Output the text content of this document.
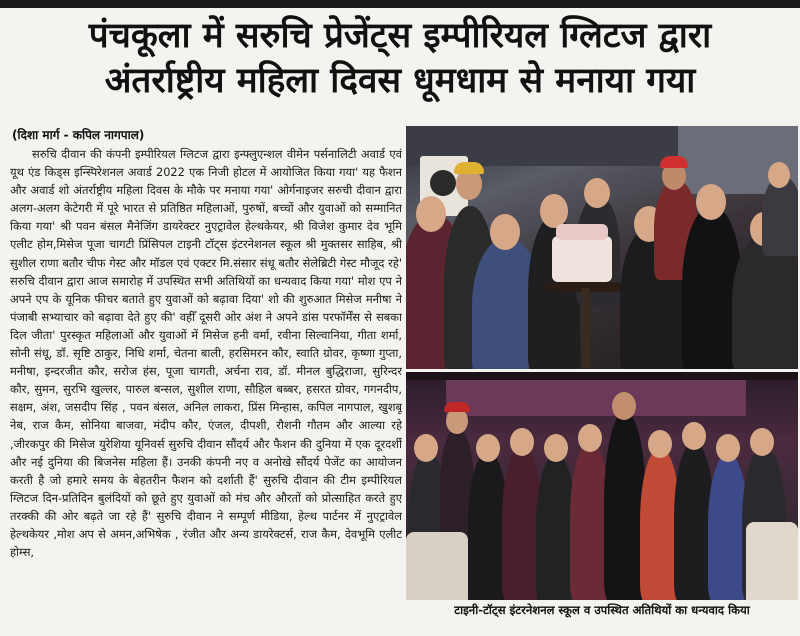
पंचकूला में सरुचि प्रेजेंट्स इम्पीरियल ग्लिटज द्वारा
अंतर्राष्ट्रीय महिला दिवस धूमधाम से मनाया गया
(दिशा मार्ग - कपिल नागपाल)

सरुचि दीवान की कंपनी इम्पीरियल ग्लिटज द्वारा इन्फ्लुएन्शल वीमेन पर्सनालिटी अवार्ड एवं यूथ एंड किड्स इन्स्पिरेशनल अवार्ड 2022 एक निजी होटल में आयोजित किया गया' यह फैशन और अवार्ड शो अंतर्राष्ट्रीय महिला दिवस के मौके पर मनाया गया' ओर्गनाइजर सरुची दीवान द्वारा अलग-अलग केटेगरी में पूरे भारत से प्रतिष्ठित महिलाओं, पुरुषों, बच्चों और युवाओं को सम्मानित किया गया' श्री पवन बंसल मैनेजिंग डायरेक्टर नुएट्रावेल हेल्थकेयर, श्री विजेश कुमार देव भूमि एलीट होम,मिसेज पूजा चागटी प्रिंसिपल टाइनी टॉट्स इंटरनेशनल स्कूल श्री मुक्तसर साहिब, श्री सुशील राणा बतौर चीफ गेस्ट और मॉडल एवं एक्टर मि.संसार संधू बतौर सेलेब्रिटी गेस्ट मौजूद रहे' सरुचि दीवान द्वारा आज समारोह में उपस्थित सभी अतिथियों का धन्यवाद किया गया' मोश एप ने अपने एप के यूनिक फीचर बताते हुए युवाओं को बढ़ावा दिया' शो की शुरुआत मिसेज मनीषा ने पंजाबी सभ्याचार को बढ़ावा देते हुए की' वहीँ दूसरी ओर अंश ने अपने डांस परफॉर्मेंस से सबका दिल जीता' पुरस्कृत महिलाओं और युवाओं में मिसेज हनी वर्मा, रवीना सिल्वानिया, गीता शर्मा, सोनी संधू, डॉ. सृष्टि ठाकुर, निधि शर्मा, चेतना बाली, हरसिमरन कौर, स्वाति ग्रोवर, कृष्णा गुप्ता, मनीषा, इन्दरजीत कौर, सरोज हंस, पूजा चागती, अर्चना राव, डॉ. मीनल बुद्धिराजा, सुरिन्दर कौर, सुमन, सुरभि खुल्लर, पारुल बन्सल, सुशील राणा, सौहिल बब्बर, हसरत ग्रोवर, गगनदीप, सक्षम, अंश, जसदीप सिंह , पवन बंसल, अनिल लाकरा, प्रिंस मिन्हास, कपिल नागपाल, खुशबू नेब, राज कैम, सोनिया बाजवा, मंदीप कौर, एंजल, दीपशी, रौशनी गौतम और आल्या रहे ,जीरकपुर की मिसेज युरेशिया यूनिवर्स सुरुचि दीवान सौंदर्य और फैशन की दुनिया में एक दूरदर्शी और नई दुनिया की बिजनेस महिला हैं। उनकी कंपनी नए व अनोखे सौंदर्य पेजेंट का आयोजन करती है जो हमारे समय के बेहतरीन फैशन को दर्शाती हैं' सुरुचि दीवान की टीम इम्पीरियल ग्लिटज दिन-प्रतिदिन बुलंदियों को छूते हुए युवाओं को मंच और औरतों को प्रोत्साहित करते हुए तरक्की की ओर बढ़ते जा रहे हैं' सुरुचि दीवान ने सम्पूर्ण मीडिया, हेल्थ पार्टनर में नुएट्रावेल हेल्थकेयर ,मोश अप से अमन,अभिषेक , रंजीत और अन्य डायरेक्टर्स, राज कैम, देवभूमि एलीट होम्स,

टाइनी-टॉट्स इंटरनेशनल स्कूल व उपस्थित अतिथियों का धन्यवाद किया
